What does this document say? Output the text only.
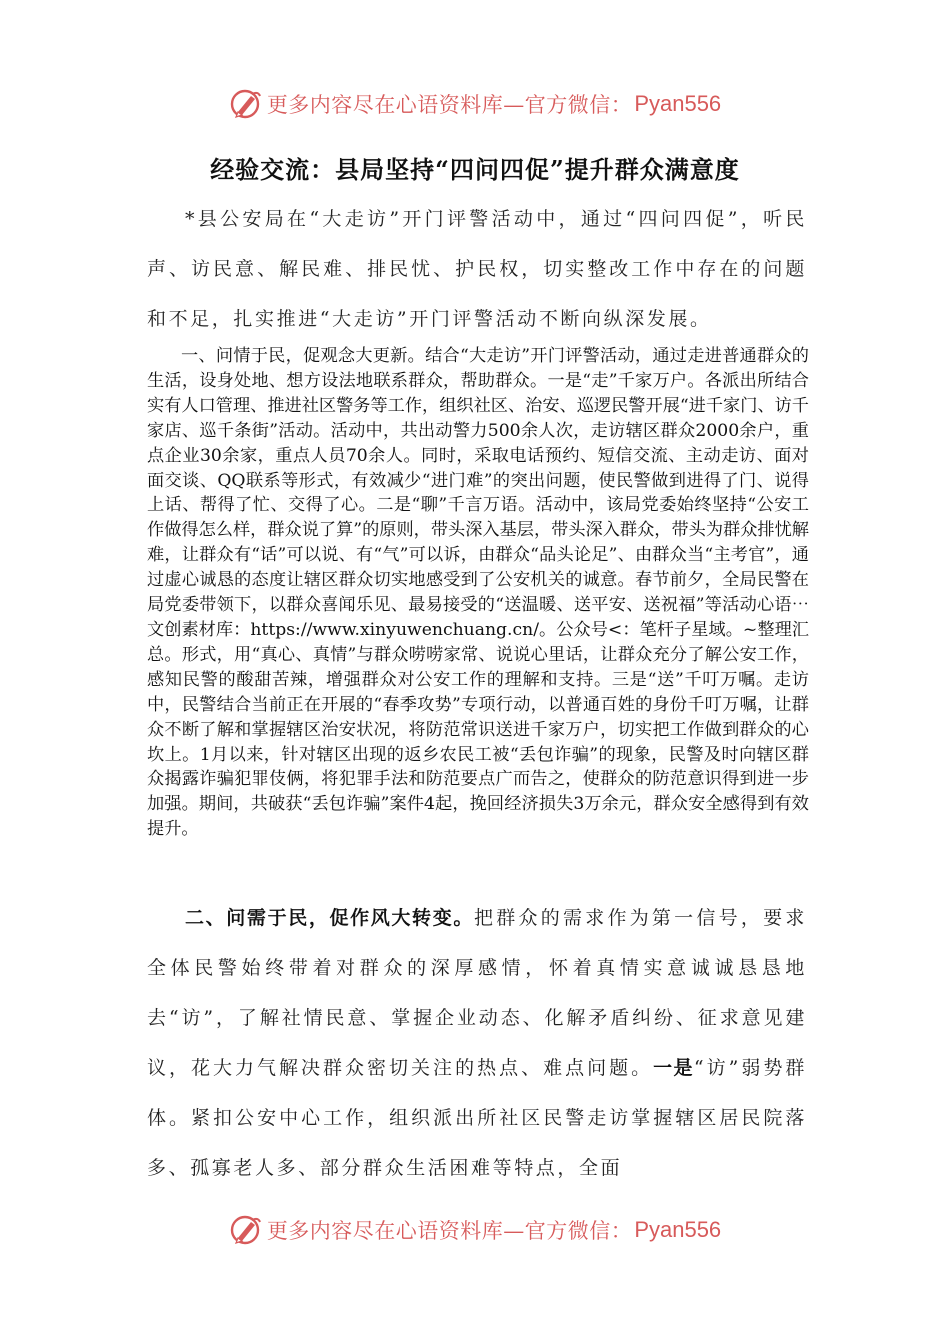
更多内容尽在心语资料库—官方微信： Pyan556
经验交流：县局坚持“四问四促”提升群众满意度
*县公安局在“大走访”开门评警活动中，通过“四问四促”，听民声、访民意、解民难、排民忧、护民权，切实整改工作中存在的问题和不足，扎实推进“大走访”开门评警活动不断向纵深发展。
一、问情于民，促观念大更新。结合“大走访”开门评警活动，通过走进普通群众的生活，设身处地、想方设法地联系群众，帮助群众。一是“走”千家万户。各派出所结合实有人口管理、推进社区警务等工作，组织社区、治安、巡逻民警开展“进千家门、访千家店、巡千条街”活动。活动中，共出动警力500余人次，走访辖区群众2000余户，重点企业30余家，重点人员70余人。同时，采取电话预约、短信交流、主动走访、面对面交谈、QQ联系等形式，有效减少“进门难”的突出问题，使民警做到进得了门、说得上话、帮得了忙、交得了心。二是“聊”千言万语。活动中，该局党委始终坚持“公安工作做得怎么样，群众说了算”的原则，带头深入基层，带头深入群众，带头为群众排忧解难，让群众有“话”可以说、有“气”可以诉，由群众“品头论足”、由群众当“主考官”，通过虚心诚恳的态度让辖区群众切实地感受到了公安机关的诚意。春节前夕，全局民警在局党委带领下，以群众喜闻乐见、最易接受的“送温暖、送平安、送祝福”等活动心语⋯文创素材库：https://www.xinyuwenchuang.cn/。公众号<：笔杆子星域。~整理汇总。形式，用“真心、真情”与群众唠唠家常、说说心里话，让群众充分了解公安工作，感知民警的酸甜苦辣，增强群众对公安工作的理解和支持。三是“送”千叮万嘱。走访中，民警结合当前正在开展的“春季攻势”专项行动，以普通百姓的身份千叮万嘱，让群众不断了解和掌握辖区治安状况，将防范常识送进千家万户，切实把工作做到群众的心坎上。1月以来，针对辖区出现的返乡农民工被“丢包诈骗”的现象，民警及时向辖区群众揭露诈骗犯罪伎俩，将犯罪手法和防范要点广而告之，使群众的防范意识得到进一步加强。期间，共破获“丢包诈骗”案件4起，挽回经济损失3万余元，群众安全感得到有效提升。
二、问需于民，促作风大转变。把群众的需求作为第一信号，要求全体民警始终带着对群众的深厚感情，怀着真情实意诚诚恳恳地去“访”，了解社情民意、掌握企业动态、化解矛盾纠纷、征求意见建议，花大力气解决群众密切关注的热点、难点问题。一是“访”弱势群体。紧扣公安中心工作，组织派出所社区民警走访掌握辖区居民院落多、孤寡老人多、部分群众生活困难等特点，全面
更多内容尽在心语资料库—官方微信： Pyan556
